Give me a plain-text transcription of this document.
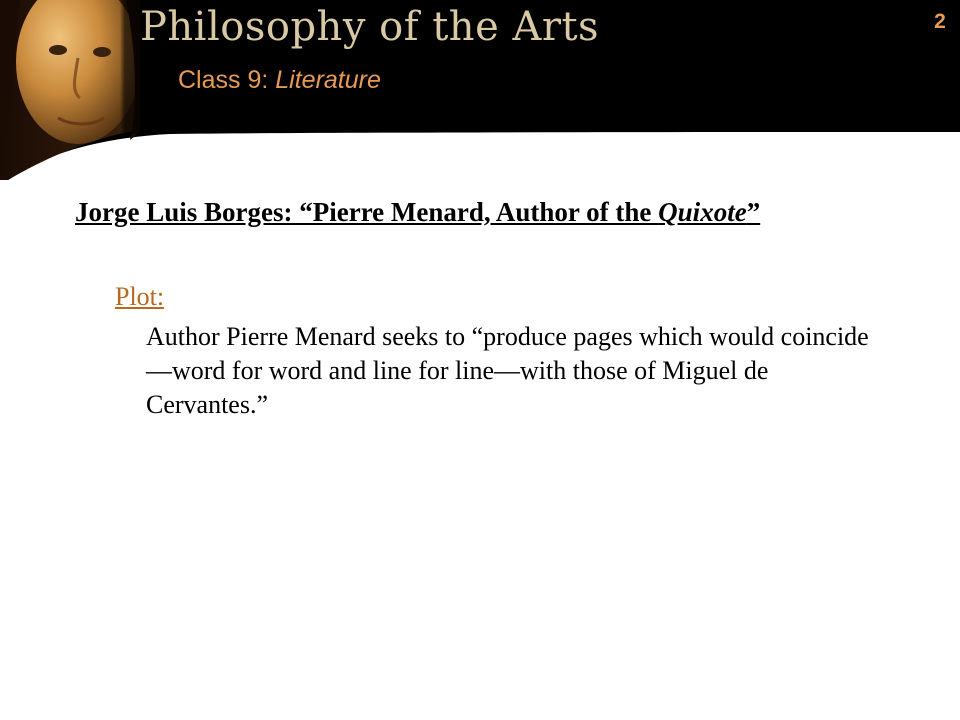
Philosophy of the Arts
Class 9: Literature
2
Jorge Luis Borges: “Pierre Menard, Author of the Quixote”
Plot:

Author Pierre Menard seeks to “produce pages which would coincide—word for word and line for line—with those of Miguel de Cervantes.”
